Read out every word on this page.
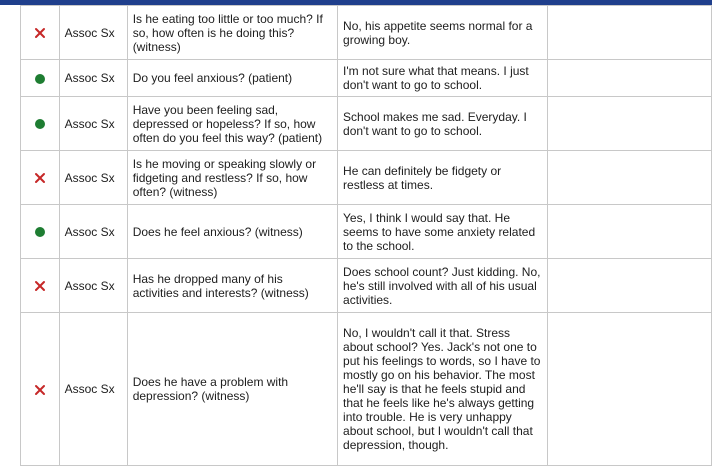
	Assoc Sx	Is he eating too little or too much? If so, how often is he doing this? (witness)	No, his appetite seems normal for a growing boy.	

	Assoc Sx	Do you feel anxious? (patient)	I'm not sure what that means. I just don't want to go to school.	

	Assoc Sx	Have you been feeling sad, depressed or hopeless? If so, how often do you feel this way? (patient)	School makes me sad. Everyday. I don't want to go to school.	

	Assoc Sx	Is he moving or speaking slowly or fidgeting and restless? If so, how often? (witness)	He can definitely be fidgety or restless at times.	

	Assoc Sx	Does he feel anxious? (witness)	Yes, I think I would say that. He seems to have some anxiety related to the school.	

	Assoc Sx	Has he dropped many of his activities and interests? (witness)	Does school count? Just kidding. No, he's still involved with all of his usual activities.	

	Assoc Sx	Does he have a problem with depression? (witness)	No, I wouldn't call it that. Stress about school? Yes. Jack's not one to put his feelings to words, so I have to mostly go on his behavior. The most he'll say is that he feels stupid and that he feels like he's always getting into trouble. He is very unhappy about school, but I wouldn't call that depression, though.	
